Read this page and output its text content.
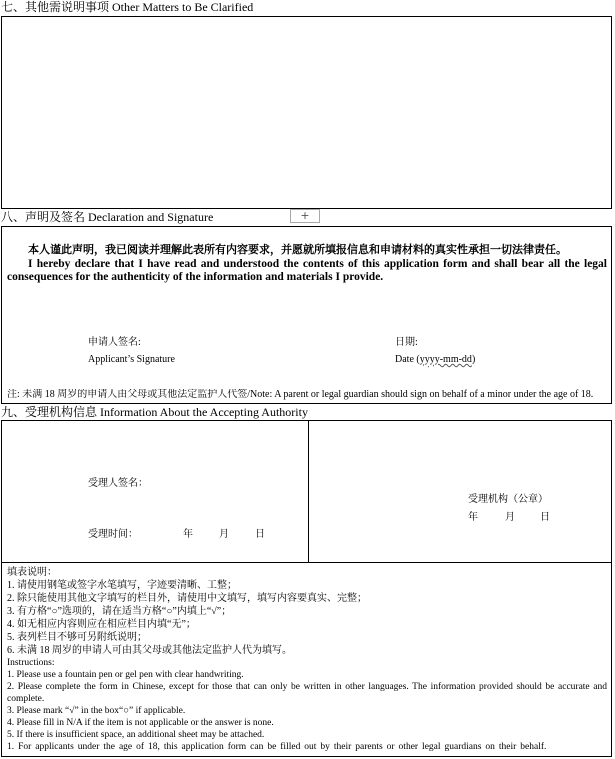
七、其他需说明事项 Other Matters to Be Clarified
八、声明及签名 Declaration and Signature	+
本人谨此声明，我已阅读并理解此表所有内容要求，并愿就所填报信息和申请材料的真实性承担一切法律责任。
I hereby declare that I have read and understood the contents of this application form and shall bear all the legal consequences for the authenticity of the information and materials I provide.
申请人签名:
Applicant’s Signature
日期:
Date (yyyy-mm-dd)
注: 未满 18 周岁的申请人由父母或其他法定监护人代签/Note: A parent or legal guardian should sign on behalf of a minor under the age of 18.
九、受理机构信息 Information About the Accepting Authority
受理人签名：
受理时间：	年	月	日
受理机构（公章）
年	月	日
填表说明：
1. 请使用钢笔或签字水笔填写，字迹要清晰、工整；
2. 除只能使用其他文字填写的栏目外，请使用中文填写，填写内容要真实、完整；
3. 有方格“○”选项的，请在适当方格“○”内填上“√”；
4. 如无相应内容则应在相应栏目内填“无”；
5. 表列栏目不够可另附纸说明；
6. 未满 18 周岁的申请人可由其父母或其他法定监护人代为填写。
Instructions:
1. Please use a fountain pen or gel pen with clear handwriting.
2. Please complete the form in Chinese, except for those that can only be written in other languages. The information provided should be accurate and complete.
3. Please mark “√” in the box“○” if applicable.
4. Please fill in N/A if the item is not applicable or the answer is none.
5. If there is insufficient space, an additional sheet may be attached.
1. For applicants under the age of 18, this application form can be filled out by their parents or other legal guardians on their behalf.
